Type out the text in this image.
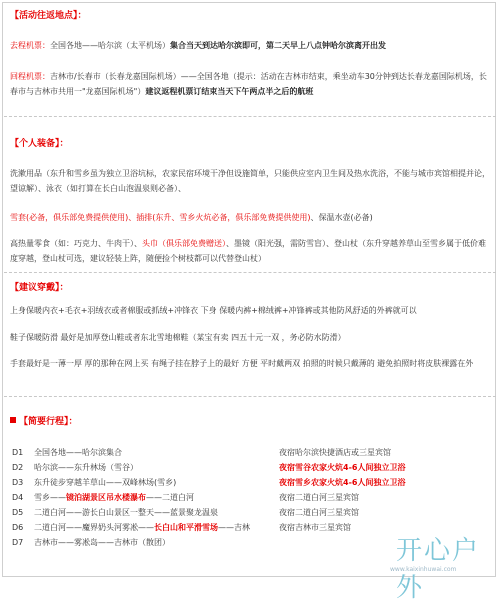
【活动往返地点】：
去程机票：全国各地——哈尔滨（太平机场）集合当天到达哈尔滨即可，第二天早上八点钟哈尔滨离开出发
回程机票：吉林市/长春市（长春龙嘉国际机场）——全国各地（提示：活动在吉林市结束，乘坐动车30分钟到达长春龙嘉国际机场，长春市与吉林市共用一"龙嘉国际机场"）建议返程机票订结束当天下午两点半之后的航班
【个人装备】：
洗漱用品（东升和雪乡虽为独立卫浴坑标，农家民宿环境干净但设施简单，只能供应室内卫生间及热水洗浴，不能与城市宾馆相提并论，望谅解）、泳衣（如打算在长白山泡温泉则必备）、
雪套(必备，俱乐部免费提供使用)、插排(东升、雪乡火炕必备，俱乐部免费提供使用)、保温水壶(必备)
高热量零食（如：巧克力、牛肉干）、头巾（俱乐部免费赠送）、墨镜（阳光强，需防雪盲）、登山杖（东升穿越养草山至雪乡属于低价难度穿越，登山杖可选，建议轻装上阵，随便捡个树枝都可以代替登山杖）
【建议穿戴】：
上身保暖内衣+毛衣+羽绒衣或者棉服或抓绒+冲锋衣 下身 保暖内裤+棉绒裤+冲锋裤或其他防风舒适的外裤就可以
鞋子保暖防滑 最好是加厚登山鞋或者东北雪地棉鞋（某宝有卖 四五十元一双 ，务必防水防滑）
手套最好是一薄一厚 厚的那种在网上买 有绳子挂在脖子上的最好 方便 平时戴两双 拍照的时候只戴薄的 避免拍照时将皮肤裸露在外
【简要行程】：
D1 全国各地——哈尔滨集合	夜宿哈尔滨快捷酒店或三星宾馆
D2 哈尔滨——东升林场（雪谷）	夜宿雪谷农家火炕4-6人间独立卫浴
D3 东升徒步穿越羊草山——双峰林场(雪乡)	夜宿雪乡农家火炕4-6人间独立卫浴
D4 雪乡——镜泊湖景区吊水楼瀑布——二道白河	夜宿二道白河三星宾馆
D5 二道白河——游长白山景区一整天——蓝景聚龙温泉	夜宿二道白河三星宾馆
D6 二道白河——魔界奶头河雾凇——长白山和平滑雪场——吉林	夜宿吉林市三星宾馆
D7 吉林市——雾凇岛——吉林市（散团）	开心户外
www.kaixinhuwai.com
